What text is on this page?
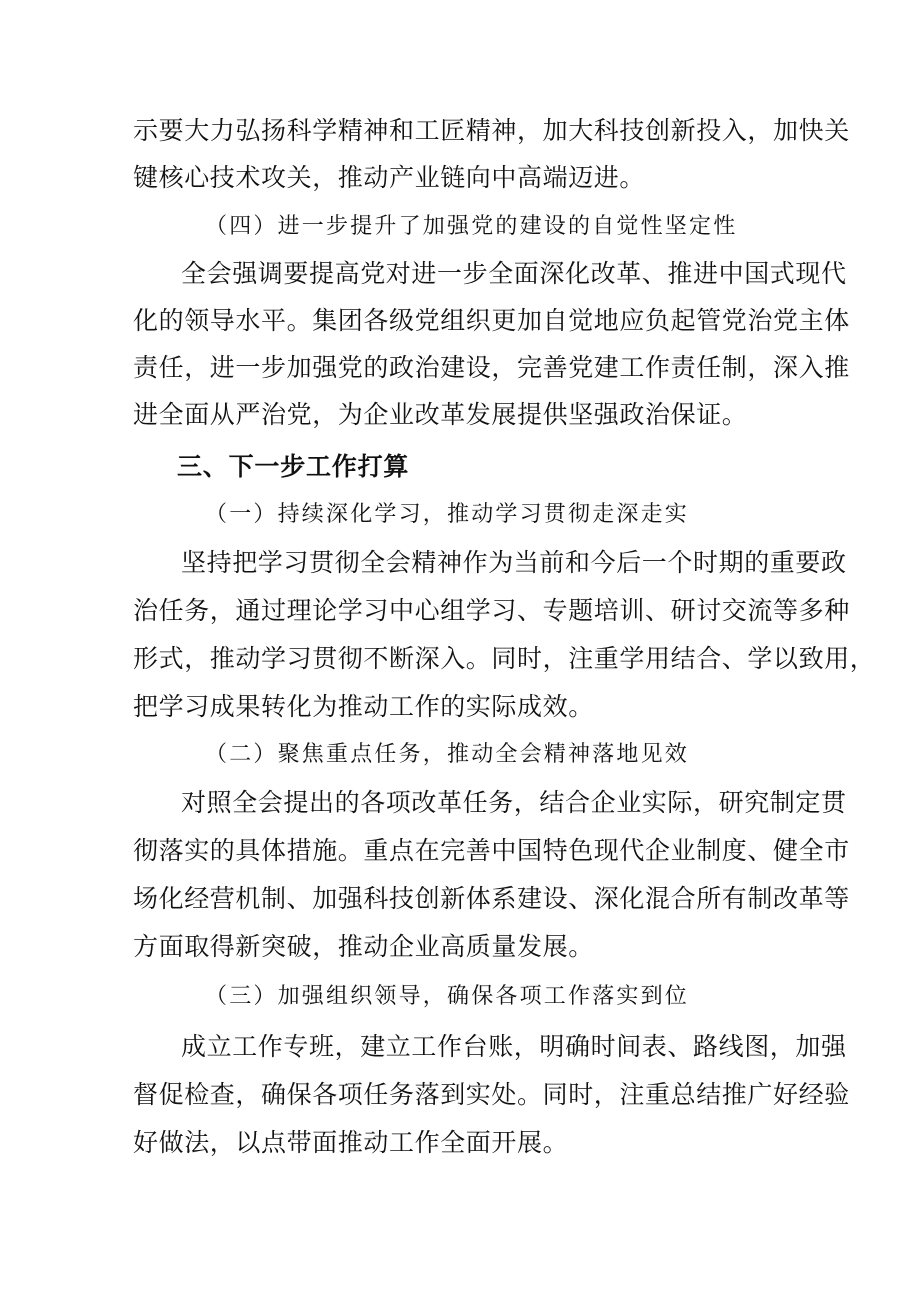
示要大力弘扬科学精神和工匠精神，加大科技创新投入，加快关
键核心技术攻关，推动产业链向中高端迈进。
（四）进一步提升了加强党的建设的自觉性坚定性
全会强调要提高党对进一步全面深化改革、推进中国式现代
化的领导水平。集团各级党组织更加自觉地应负起管党治党主体
责任，进一步加强党的政治建设，完善党建工作责任制，深入推
进全面从严治党，为企业改革发展提供坚强政治保证。
三、下一步工作打算
（一）持续深化学习，推动学习贯彻走深走实
坚持把学习贯彻全会精神作为当前和今后一个时期的重要政
治任务，通过理论学习中心组学习、专题培训、研讨交流等多种
形式，推动学习贯彻不断深入。同时，注重学用结合、学以致用，
把学习成果转化为推动工作的实际成效。
（二）聚焦重点任务，推动全会精神落地见效
对照全会提出的各项改革任务，结合企业实际，研究制定贯
彻落实的具体措施。重点在完善中国特色现代企业制度、健全市
场化经营机制、加强科技创新体系建设、深化混合所有制改革等
方面取得新突破，推动企业高质量发展。
（三）加强组织领导，确保各项工作落实到位
成立工作专班，建立工作台账，明确时间表、路线图，加强
督促检查，确保各项任务落到实处。同时，注重总结推广好经验
好做法，以点带面推动工作全面开展。
